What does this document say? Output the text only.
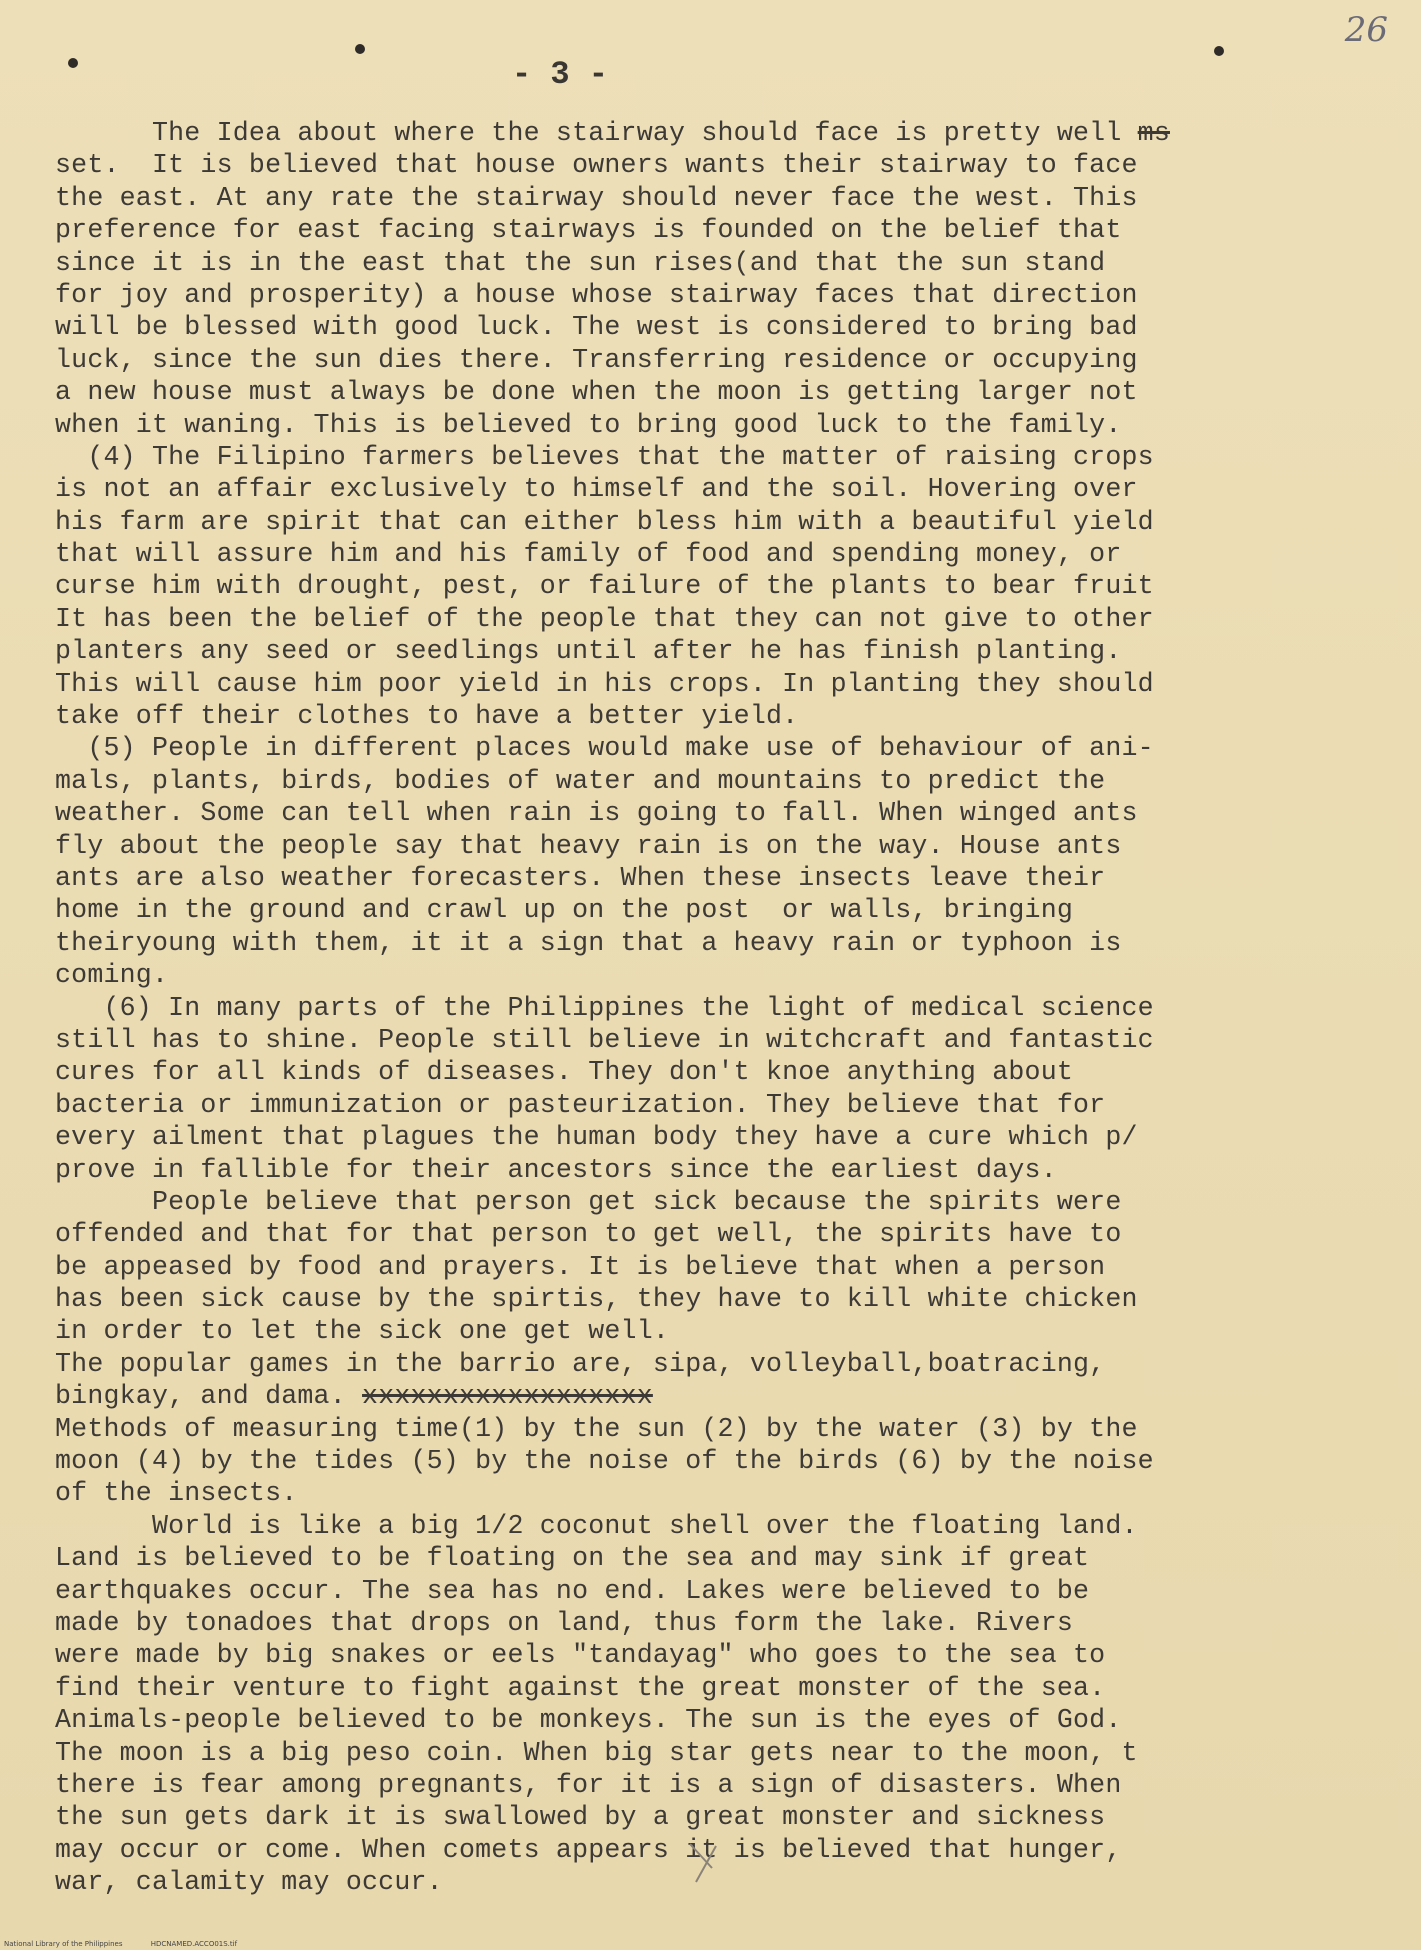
26
- 3 -
The Idea about where the stairway should face is pretty well ms
set.  It is believed that house owners wants their stairway to face
the east. At any rate the stairway should never face the west. This
preference for east facing stairways is founded on the belief that
since it is in the east that the sun rises(and that the sun stand
for joy and prosperity) a house whose stairway faces that direction
will be blessed with good luck. The west is considered to bring bad
luck, since the sun dies there. Transferring residence or occupying
a new house must always be done when the moon is getting larger not
when it waning. This is believed to bring good luck to the family.
(4) The Filipino farmers believes that the matter of raising crops
is not an affair exclusively to himself and the soil. Hovering over
his farm are spirit that can either bless him with a beautiful yield
that will assure him and his family of food and spending money, or
curse him with drought, pest, or failure of the plants to bear fruit
It has been the belief of the people that they can not give to other
planters any seed or seedlings until after he has finish planting.
This will cause him poor yield in his crops. In planting they should
take off their clothes to have a better yield.
(5) People in different places would make use of behaviour of ani-
mals, plants, birds, bodies of water and mountains to predict the
weather. Some can tell when rain is going to fall. When winged ants
fly about the people say that heavy rain is on the way. House ants
ants are also weather forecasters. When these insects leave their
home in the ground and crawl up on the post  or walls, bringing
theiryoung with them, it it a sign that a heavy rain or typhoon is
coming.
(6) In many parts of the Philippines the light of medical science
still has to shine. People still believe in witchcraft and fantastic
cures for all kinds of diseases. They don't knoe anything about
bacteria or immunization or pasteurization. They believe that for
every ailment that plagues the human body they have a cure which p/
prove in fallible for their ancestors since the earliest days.
People believe that person get sick because the spirits were
offended and that for that person to get well, the spirits have to
be appeased by food and prayers. It is believe that when a person
has been sick cause by the spirtis, they have to kill white chicken
in order to let the sick one get well.
The popular games in the barrio are, sipa, volleyball,boatracing,
bingkay, and dama. xxxxxxxxxxxxxxxxxx
Methods of measuring time(1) by the sun (2) by the water (3) by the
moon (4) by the tides (5) by the noise of the birds (6) by the noise
of the insects.
World is like a big 1/2 coconut shell over the floating land.
Land is believed to be floating on the sea and may sink if great
earthquakes occur. The sea has no end. Lakes were believed to be
made by tonadoes that drops on land, thus form the lake. Rivers
were made by big snakes or eels "tandayag" who goes to the sea to
find their venture to fight against the great monster of the sea.
Animals-people believed to be monkeys. The sun is the eyes of God.
The moon is a big peso coin. When big star gets near to the moon, t
there is fear among pregnants, for it is a sign of disasters. When
the sun gets dark it is swallowed by a great monster and sickness
may occur or come. When comets appears it is believed that hunger,
war, calamity may occur.
National Library of the Philippines	HDCNAMED.ACCO01S.tif
